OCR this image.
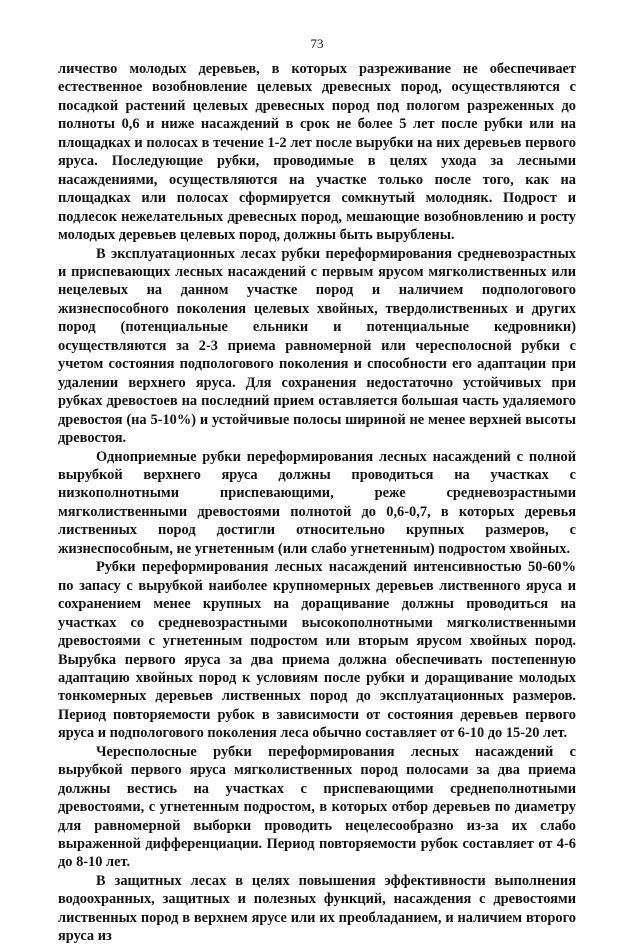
73

личество молодых деревьев, в которых разреживание не обеспечивает естественное возобновление целевых древесных пород, осуществляются с посадкой растений целевых древесных пород под пологом разреженных до полноты 0,6 и ниже насаждений в срок не более 5 лет после рубки или на площадках и полосах в течение 1-2 лет после вырубки на них деревьев первого яруса. Последующие рубки, проводимые в целях ухода за лесными насаждениями, осуществляются на участке только после того, как на площадках или полосах сформируется сомкнутый молодняк. Подрост и подлесок нежелательных древесных пород, мешающие возобновлению и росту молодых деревьев целевых пород, должны быть вырублены.

В эксплуатационных лесах рубки переформирования средневозрастных и приспевающих лесных насаждений с первым ярусом мягколиственных или нецелевых на данном участке пород и наличием подпологового жизнеспособного поколения целевых хвойных, твердолиственных и других пород (потенциальные ельники и потенциальные кедровники) осуществляются за 2-3 приема равномерной или чересполосной рубки с учетом состояния подпологового поколения и способности его адаптации при удалении верхнего яруса. Для сохранения недостаточно устойчивых при рубках древостоев на последний прием оставляется большая часть удаляемого древостоя (на 5-10%) и устойчивые полосы шириной не менее верхней высоты древостоя.

Одноприемные рубки переформирования лесных насаждений с полной вырубкой верхнего яруса должны проводиться на участках с низкополнотными приспевающими, реже средневозрастными мягколиственными древостоями полнотой до 0,6-0,7, в которых деревья лиственных пород достигли относительно крупных размеров, с жизнеспособным, не угнетенным (или слабо угнетенным) подростом хвойных.

Рубки переформирования лесных насаждений интенсивностью 50-60% по запасу с вырубкой наиболее крупномерных деревьев лиственного яруса и сохранением менее крупных на доращивание должны проводиться на участках со средневозрастными высокополнотными мягколиственными древостоями с угнетенным подростом или вторым ярусом хвойных пород. Вырубка первого яруса за два приема должна обеспечивать постепенную адаптацию хвойных пород к условиям после рубки и доращивание молодых тонкомерных деревьев лиственных пород до эксплуатационных размеров. Период повторяемости рубок в зависимости от состояния деревьев первого яруса и подпологового поколения леса обычно составляет от 6-10 до 15-20 лет.

Чересполосные рубки переформирования лесных насаждений с вырубкой первого яруса мягколиственных пород полосами за два приема должны вестись на участках с приспевающими среднеполнотными древостоями, с угнетенным подростом, в которых отбор деревьев по диаметру для равномерной выборки проводить нецелесообразно из-за их слабо выраженной дифференциации. Период повторяемости рубок составляет от 4-6 до 8-10 лет.

В защитных лесах в целях повышения эффективности выполнения водоохранных, защитных и полезных функций, насаждения с древостоями лиственных пород в верхнем ярусе или их преобладанием, и наличием второго яруса из
